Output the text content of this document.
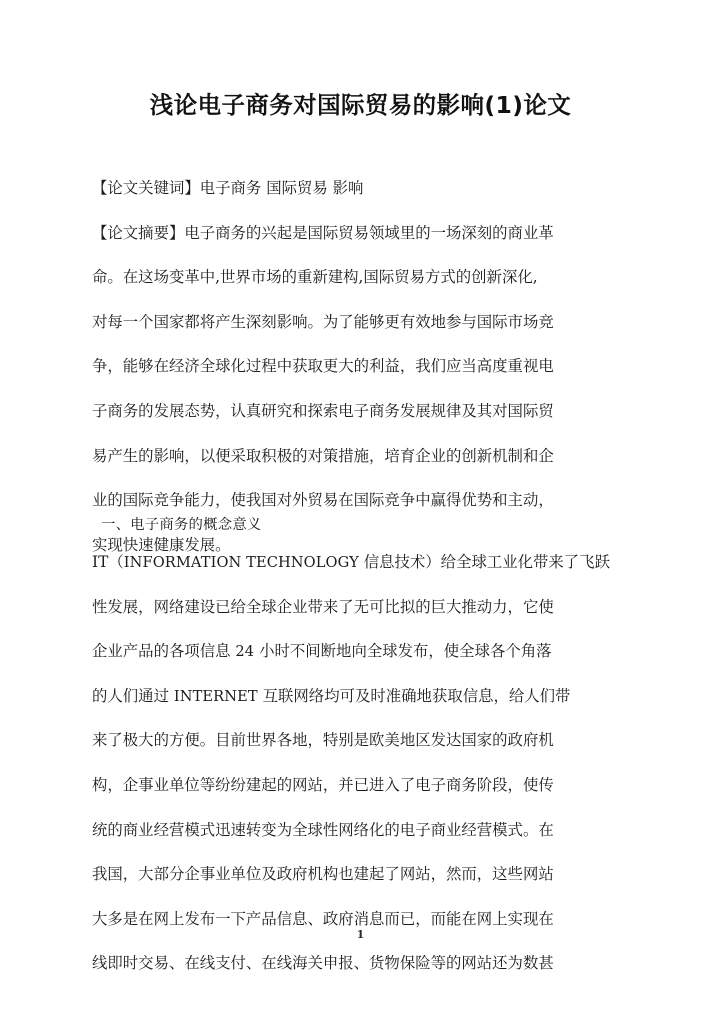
浅论电子商务对国际贸易的影响(1)论文
【论文关键词】电子商务 国际贸易 影响
【论文摘要】电子商务的兴起是国际贸易领域里的一场深刻的商业革
命。在这场变革中,世界市场的重新建构,国际贸易方式的创新深化,
对每一个国家都将产生深刻影响。为了能够更有效地参与国际市场竞
争，能够在经济全球化过程中获取更大的利益，我们应当高度重视电
子商务的发展态势，认真研究和探索电子商务发展规律及其对国际贸
易产生的影响，以便采取积极的对策措施，培育企业的创新机制和企
业的国际竞争能力，使我国对外贸易在国际竞争中赢得优势和主动，
实现快速健康发展。
一、电子商务的概念意义
IT（INFORMATION TECHNOLOGY 信息技术）给全球工业化带来了飞跃
性发展，网络建设已给全球企业带来了无可比拟的巨大推动力，它使
企业产品的各项信息 24 小时不间断地向全球发布，使全球各个角落
的人们通过 INTERNET 互联网络均可及时准确地获取信息，给人们带
来了极大的方便。目前世界各地，特别是欧美地区发达国家的政府机
构，企事业单位等纷纷建起的网站，并已进入了电子商务阶段，使传
统的商业经营模式迅速转变为全球性网络化的电子商业经营模式。在
我国，大部分企事业单位及政府机构也建起了网站，然而，这些网站
大多是在网上发布一下产品信息、政府消息而已，而能在网上实现在
线即时交易、在线支付、在线海关申报、货物保险等的网站还为数甚
1
